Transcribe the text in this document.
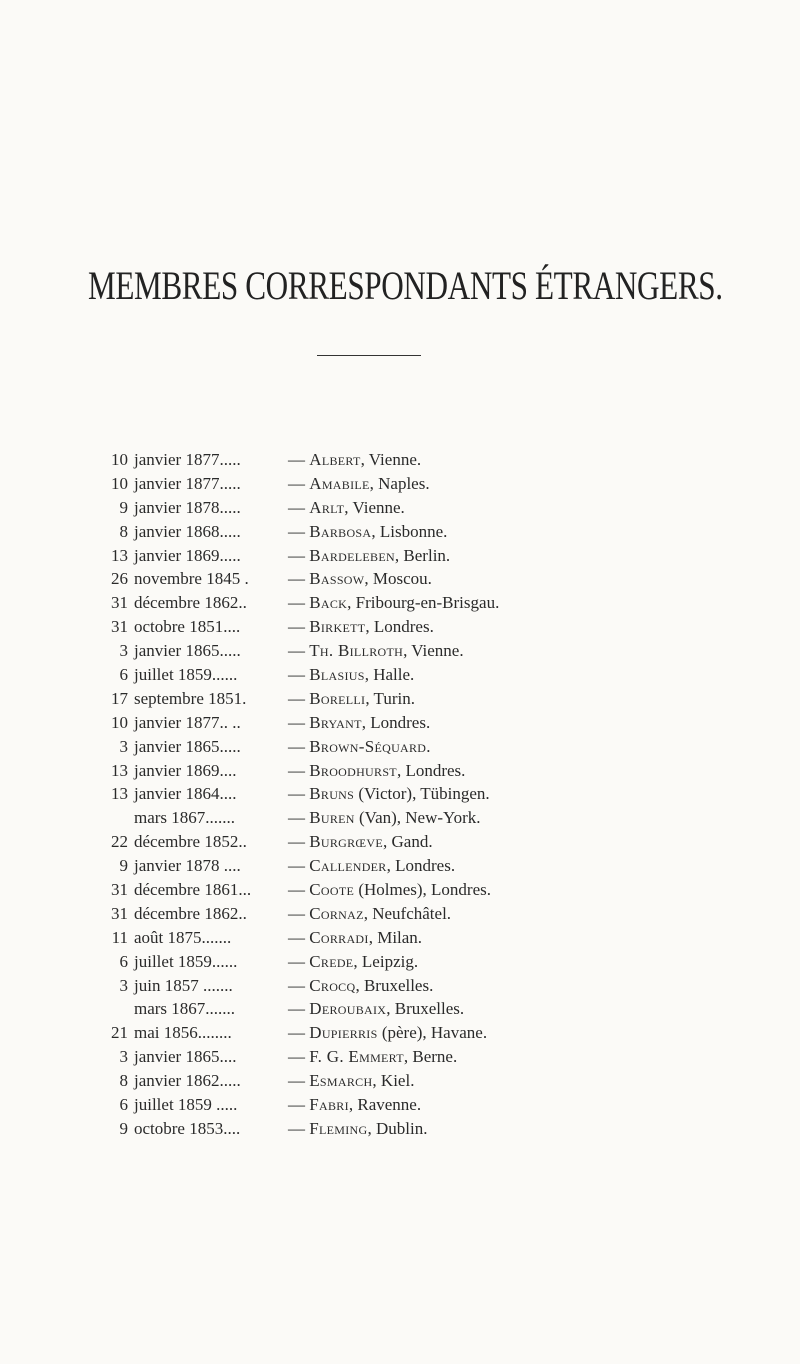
MEMBRES CORRESPONDANTS ÉTRANGERS.
10 janvier 1877.....	— Albert, Vienne.
10 janvier 1877.....	— Amabile, Naples.
9 janvier 1878.....	— Arlt, Vienne.
8 janvier 1868.....	— Barbosa, Lisbonne.
13 janvier 1869.....	— Bardeleben, Berlin.
26 novembre 1845 . — Bassow, Moscou.
31 décembre 1862.. — Back, Fribourg-en-Brisgau.
31 octobre 1851....	— Birkett, Londres.
3 janvier 1865.....	— Th. Billroth, Vienne.
6 juillet 1859......	— Blasius, Halle.
17 septembre 1851. — Borelli, Turin.
10 janvier 1877.. ..	— Bryant, Londres.
3 janvier 1865.....	— Brown-Séquard.
13 janvier 1869....	— Broodhurst, Londres.
13 janvier 1864....	— Bruns (Victor), Tübingen.
mars 1867.......	— Buren (Van), New-York.
22 décembre 1852.. — Burgrœve, Gand.
9 janvier 1878 ....	— Callender, Londres.
31 décembre 1861... — Coote (Holmes), Londres.
31 décembre 1862.. — Cornaz, Neufchâtel.
11 août 1875.......	— Corradi, Milan.
6 juillet 1859......	— Crede, Leipzig.
3 juin 1857 .......	— Crocq, Bruxelles.
mars 1867.......	— Deroubaix, Bruxelles.
21 mai 1856........	— Dupierris (père), Havane.
3 janvier 1865....	— F. G. Emmert, Berne.
8 janvier 1862.....	— Esmarch, Kiel.
6 juillet 1859 .....	— Fabri, Ravenne.
9 octobre 1853....	— Fleming, Dublin.
